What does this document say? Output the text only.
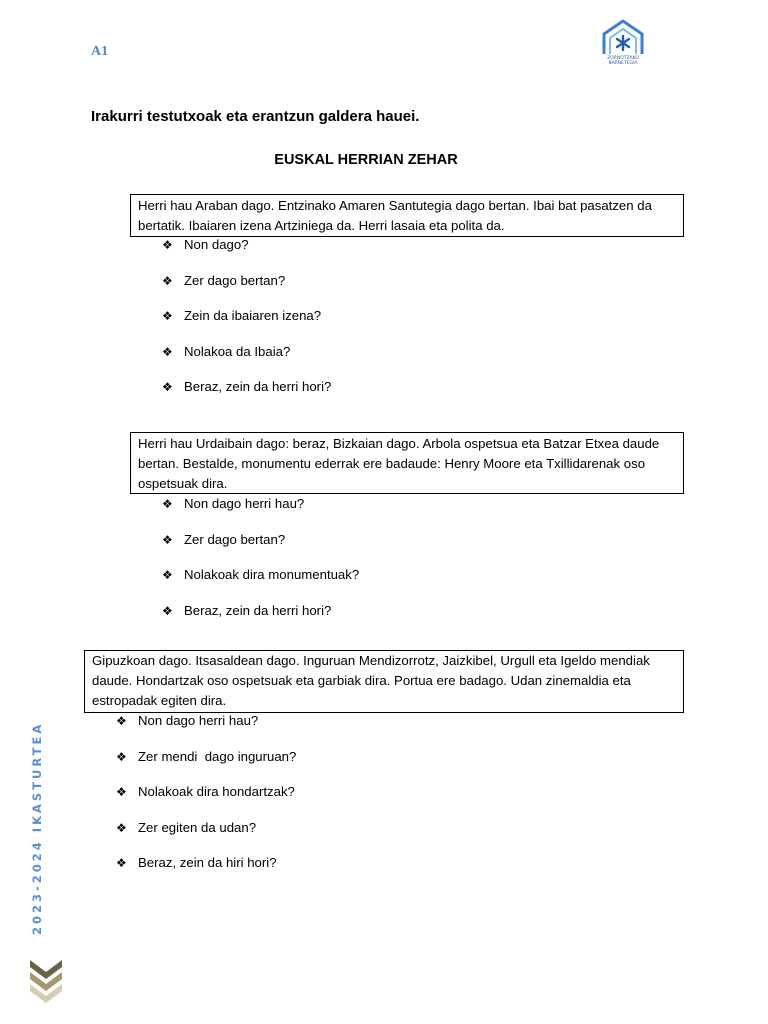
A1	ZORNOTZAKO BARNETEGIA
Irakurri testutxoak eta erantzun galdera hauei.
EUSKAL HERRIAN ZEHAR
Herri hau Araban dago. Entzinako Amaren Santutegia dago bertan. Ibai bat pasatzen da bertatik. Ibaiaren izena Artziniega da. Herri lasaia eta polita da.
❖ Non dago?
❖ Zer dago bertan?
❖ Zein da ibaiaren izena?
❖ Nolakoa da Ibaia?
❖ Beraz, zein da herri hori?
Herri hau Urdaibain dago: beraz, Bizkaian dago. Arbola ospetsua eta Batzar Etxea daude bertan. Bestalde, monumentu ederrak ere badaude: Henry Moore eta Txillidarenak oso ospetsuak dira.
❖ Non dago herri hau?
❖ Zer dago bertan?
❖ Nolakoak dira monumentuak?
❖ Beraz, zein da herri hori?
Gipuzkoan dago. Itsasaldean dago. Inguruan Mendizorrotz, Jaizkibel, Urgull eta Igeldo mendiak daude. Hondartzak oso ospetsuak eta garbiak dira. Portua ere badago. Udan zinemaldia eta estropadak egiten dira.
❖ Non dago herri hau?
❖ Zer mendi  dago inguruan?
❖ Nolakoak dira hondartzak?
❖ Zer egiten da udan?
❖ Beraz, zein da hiri hori?
2023-2024 IKASTURTEA
